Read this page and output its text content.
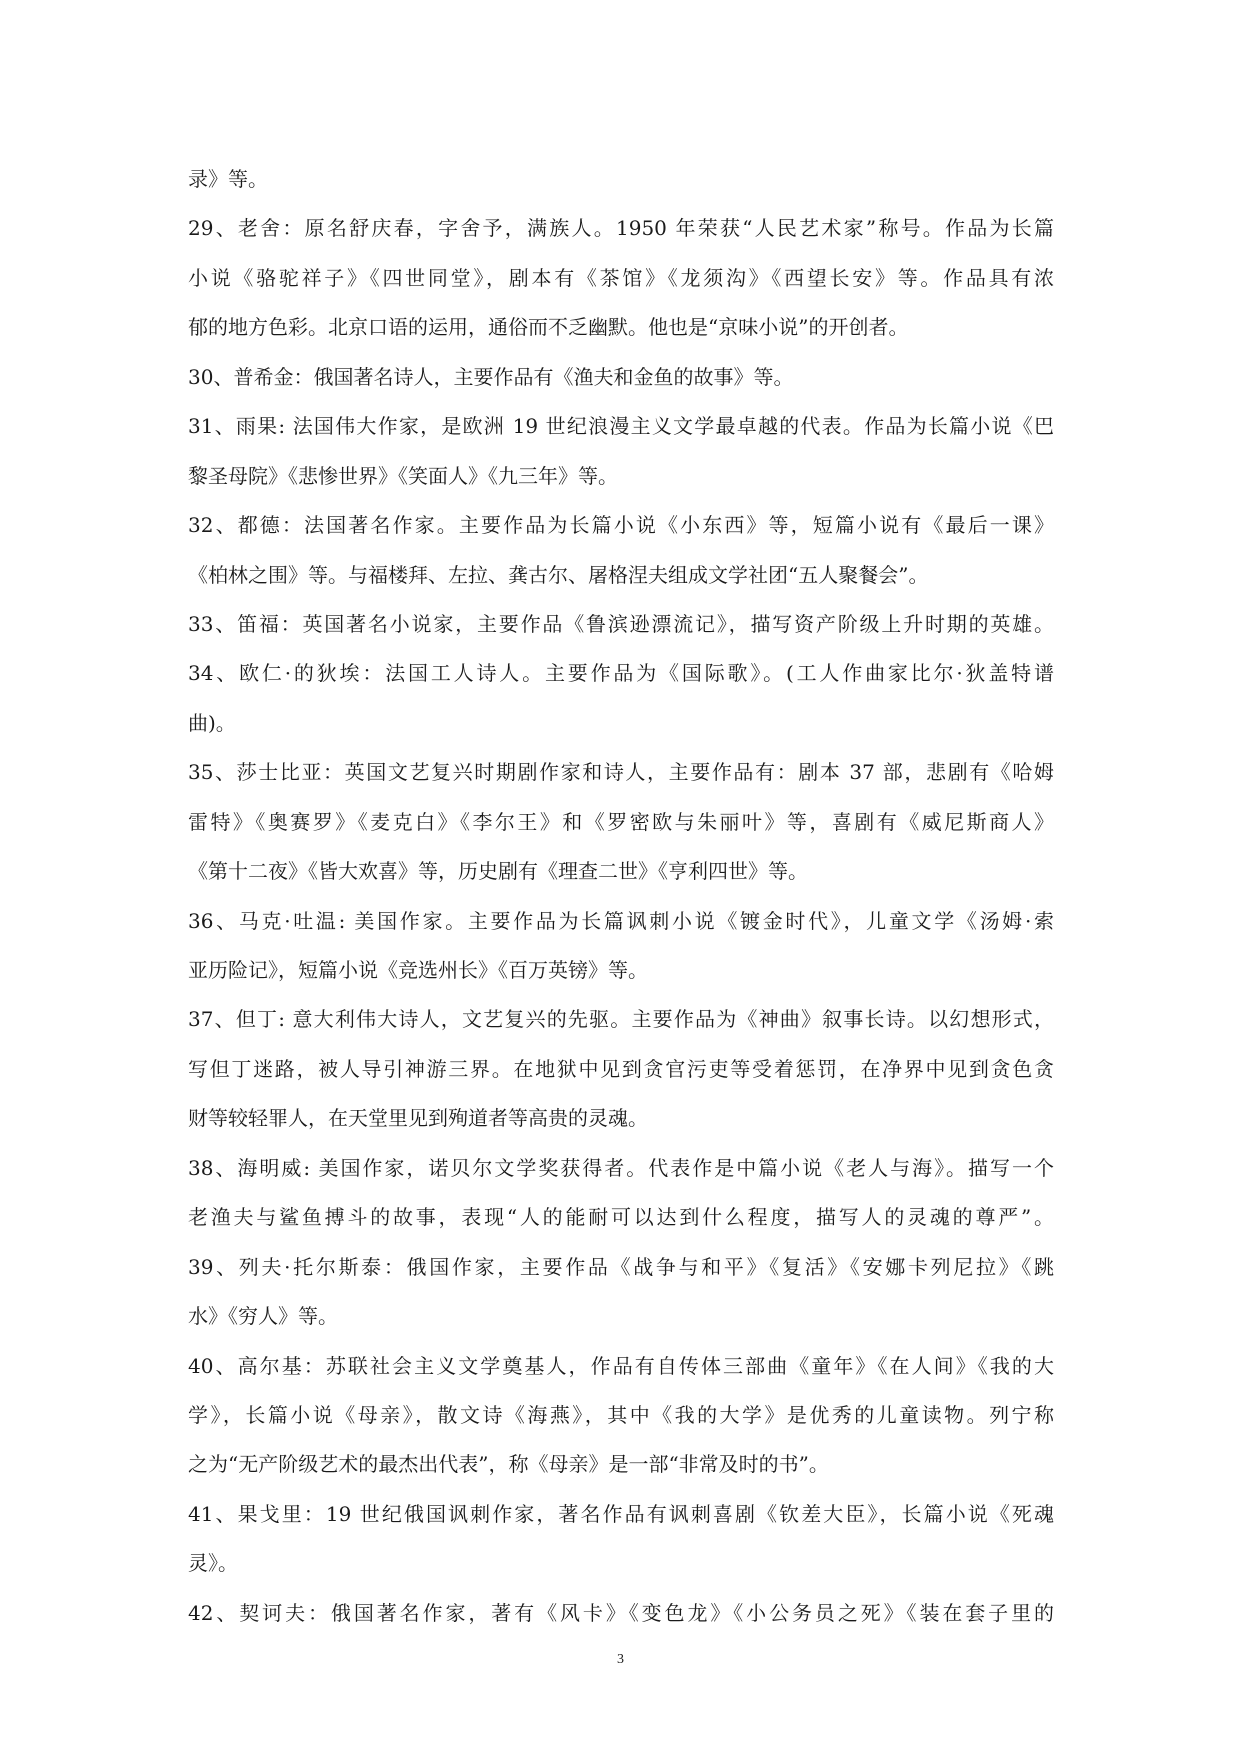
录》等。
29、老舍：原名舒庆春，字舍予，满族人。1950 年荣获“人民艺术家”称号。作品为长篇
小说《骆驼祥子》《四世同堂》，剧本有《茶馆》《龙须沟》《西望长安》等。作品具有浓
郁的地方色彩。北京口语的运用，通俗而不乏幽默。他也是“京味小说”的开创者。
30、普希金：俄国著名诗人，主要作品有《渔夫和金鱼的故事》等。
31、雨果: 法国伟大作家，是欧洲 19 世纪浪漫主义文学最卓越的代表。作品为长篇小说《巴
黎圣母院》《悲惨世界》《笑面人》《九三年》等。
32、都德：法国著名作家。主要作品为长篇小说《小东西》等，短篇小说有《最后一课》
《柏林之围》等。与福楼拜、左拉、龚古尔、屠格涅夫组成文学社团“五人聚餐会”。
33、笛福：英国著名小说家，主要作品《鲁滨逊漂流记》，描写资产阶级上升时期的英雄。
34、欧仁·的狄埃：法国工人诗人。主要作品为《国际歌》。(工人作曲家比尔·狄盖特谱
曲)。
35、莎士比亚：英国文艺复兴时期剧作家和诗人，主要作品有：剧本 37 部，悲剧有《哈姆
雷特》《奥赛罗》《麦克白》《李尔王》和《罗密欧与朱丽叶》等，喜剧有《威尼斯商人》
《第十二夜》《皆大欢喜》等，历史剧有《理查二世》《亨利四世》等。
36、马克·吐温: 美国作家。主要作品为长篇讽刺小说《镀金时代》，儿童文学《汤姆·索
亚历险记》，短篇小说《竞选州长》《百万英镑》等。
37、但丁: 意大利伟大诗人，文艺复兴的先驱。主要作品为《神曲》叙事长诗。以幻想形式，
写但丁迷路，被人导引神游三界。在地狱中见到贪官污吏等受着惩罚，在净界中见到贪色贪
财等较轻罪人，在天堂里见到殉道者等高贵的灵魂。
38、海明威: 美国作家，诺贝尔文学奖获得者。代表作是中篇小说《老人与海》。描写一个
老渔夫与鲨鱼搏斗的故事，表现“人的能耐可以达到什么程度，描写人的灵魂的尊严”。
39、列夫·托尔斯泰：俄国作家，主要作品《战争与和平》《复活》《安娜卡列尼拉》《跳
水》《穷人》等。
40、高尔基：苏联社会主义文学奠基人，作品有自传体三部曲《童年》《在人间》《我的大
学》，长篇小说《母亲》，散文诗《海燕》，其中《我的大学》是优秀的儿童读物。列宁称
之为“无产阶级艺术的最杰出代表”，称《母亲》是一部“非常及时的书”。
41、果戈里：19 世纪俄国讽刺作家，著名作品有讽刺喜剧《钦差大臣》，长篇小说《死魂
灵》。
42、契诃夫：俄国著名作家，著有《风卡》《变色龙》《小公务员之死》《装在套子里的
3
